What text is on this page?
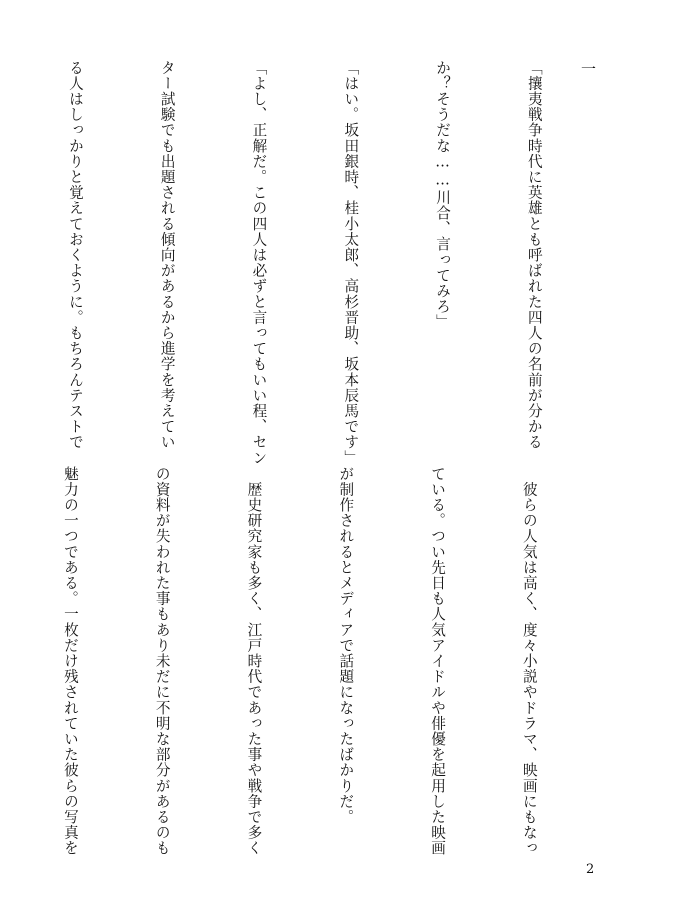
一

「攘夷戦争時代に英雄とも呼ばれた四人の名前が分かる

か？そうだな……川合、言ってみろ」

「はい。坂田銀時、桂小太郎、高杉晋助、坂本辰馬です」

「よし、正解だ。この四人は必ずと言ってもいい程、セン

ター試験でも出題される傾向があるから進学を考えてい

る人はしっかりと覚えておくように。もちろんテストで

　彼らの人気は高く、度々小説やドラマ、映画にもなっ

ている。つい先日も人気アイドルや俳優を起用した映画

が制作されるとメディアで話題になったばかりだ。

　歴史研究家も多く、江戸時代であった事や戦争で多く

の資料が失われた事もあり未だに不明な部分があるのも

魅力の一つである。一枚だけ残されていた彼らの写真を

2
